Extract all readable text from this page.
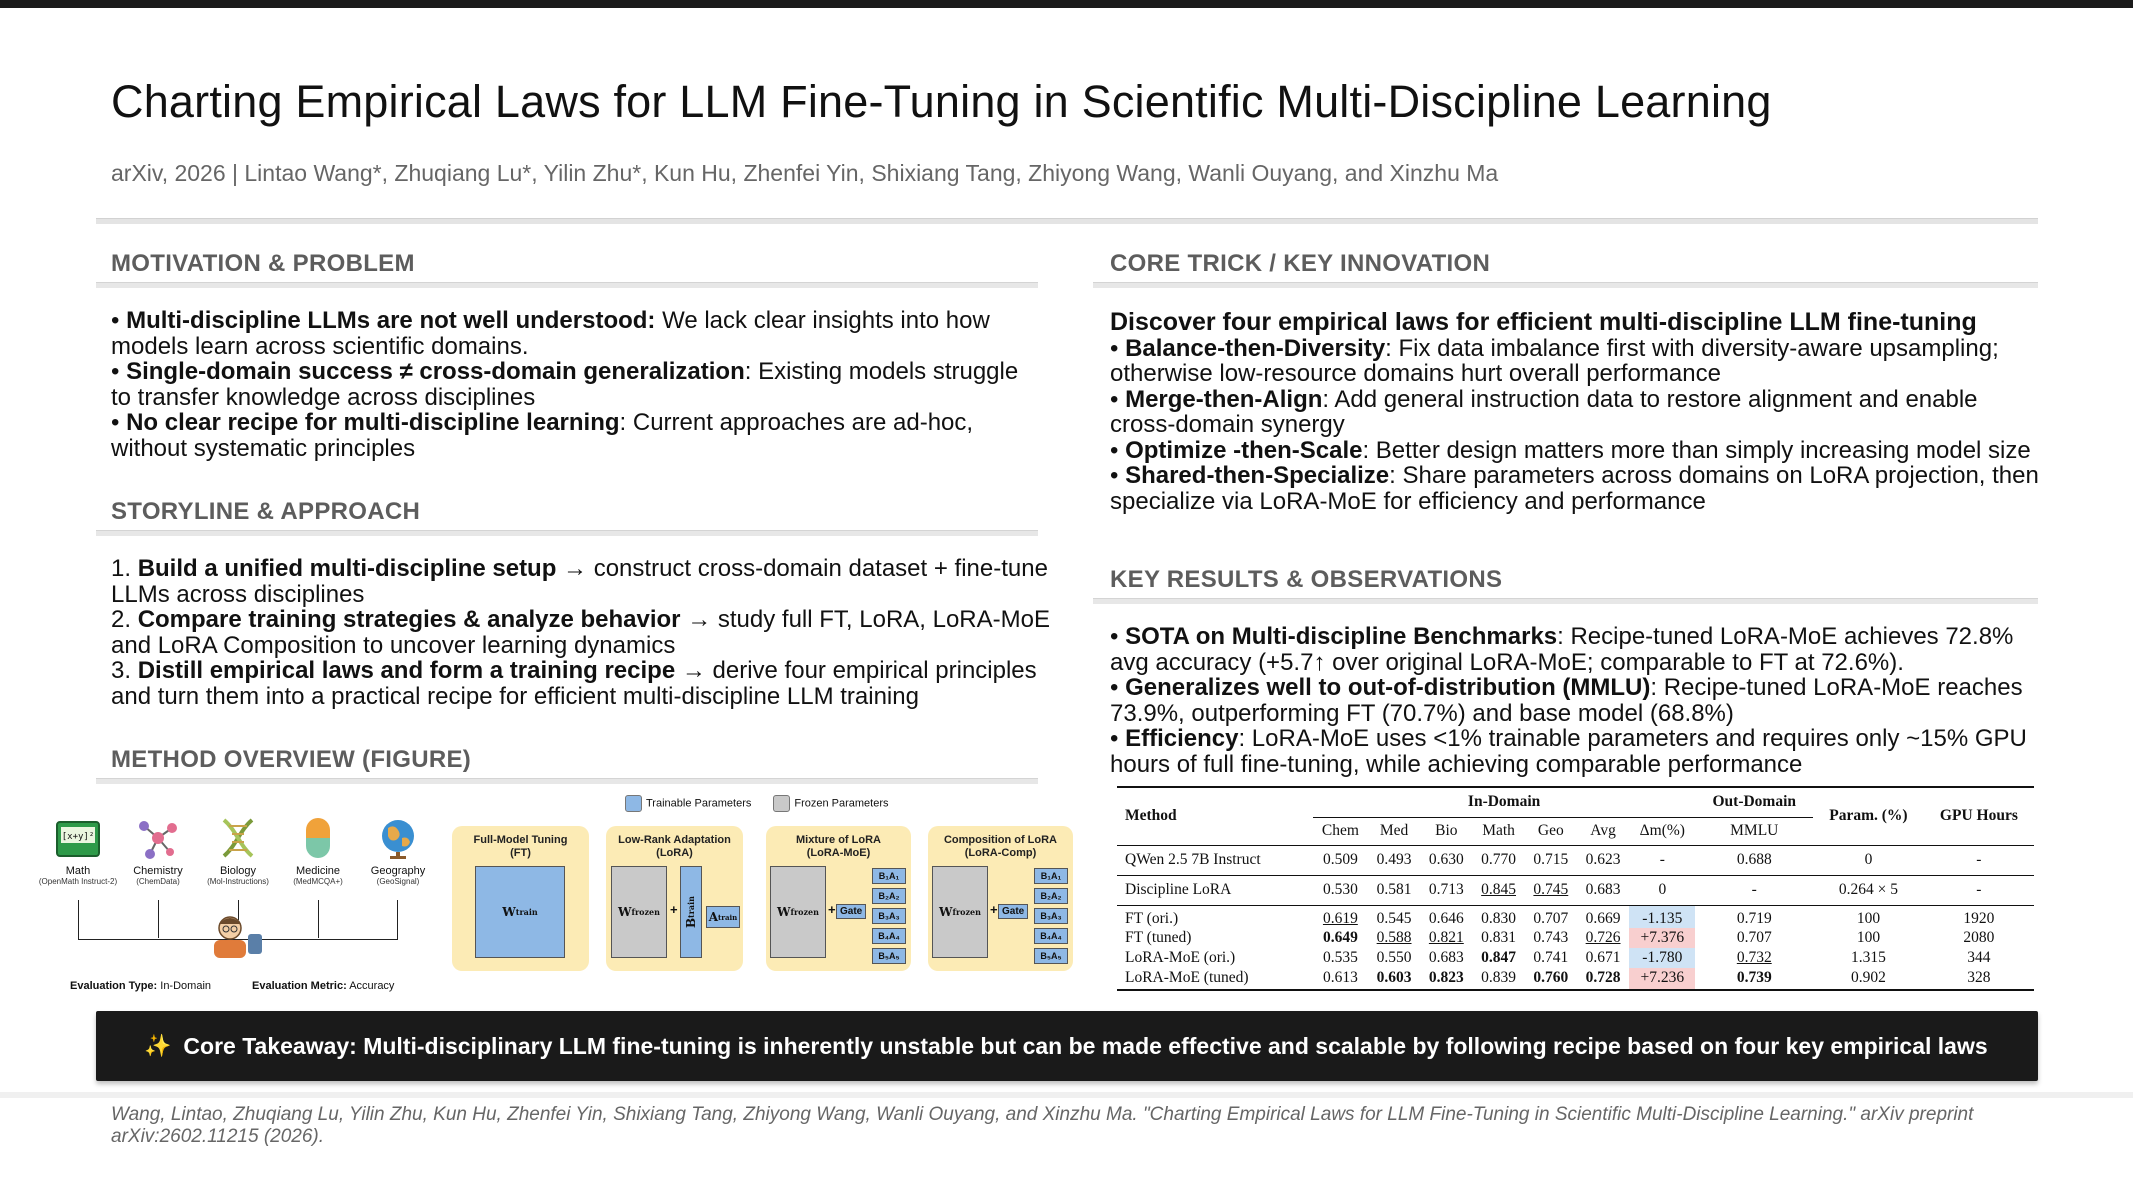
Charting Empirical Laws for LLM Fine-Tuning in Scientific Multi-Discipline Learning
arXiv, 2026 | Lintao Wang*, Zhuqiang Lu*, Yilin Zhu*, Kun Hu, Zhenfei Yin, Shixiang Tang, Zhiyong Wang, Wanli Ouyang, and Xinzhu Ma
MOTIVATION & PROBLEM

• Multi-discipline LLMs are not well understood: We lack clear insights into how models learn across scientific domains.

• Single-domain success ≠ cross-domain generalization: Existing models struggle to transfer knowledge across disciplines

• No clear recipe for multi-discipline learning: Current approaches are ad-hoc, without systematic principles

STORYLINE & APPROACH

1. Build a unified multi-discipline setup → construct cross-domain dataset + fine-tune LLMs across disciplines

2. Compare training strategies & analyze behavior → study full FT, LoRA, LoRA-MoE and LoRA Composition to uncover learning dynamics

3. Distill empirical laws and form a training recipe → derive four empirical principles and turn them into a practical recipe for efficient multi-discipline LLM training

METHOD OVERVIEW (FIGURE)
[x+y]²
Math
(OpenMath Instruct-2)
Chemistry
(ChemData)
Biology
(Mol-Instructions)
Medicine
(MedMCQA+)
Geography
(GeoSignal)
Evaluation Type: In-Domain	Evaluation Metric: Accuracy
Trainable Parameters	Frozen Parameters
Full-Model Tuning
(FT)
W train
Low-Rank Adaptation
(LoRA)
W frozen +
B
train A train
Mixture of LoRA
(LoRA-MoE)
W frozen + Gate
B₁A₁
B₂A₂
B₃A₃
B₄A₄
B₅A₅
Composition of LoRA
(LoRA-Comp)
W frozen + Gate
B₁A₁
B₂A₂
B₃A₃
B₄A₄
B₅A₅
CORE TRICK / KEY INNOVATION

Discover four empirical laws for efficient multi-discipline LLM fine-tuning

• Balance-then-Diversity: Fix data imbalance first with diversity-aware upsampling; otherwise low-resource domains hurt overall performance

• Merge-then-Align: Add general instruction data to restore alignment and enable cross-domain synergy

• Optimize -then-Scale: Better design matters more than simply increasing model size

• Shared-then-Specialize: Share parameters across domains on LoRA projection, then specialize via LoRA-MoE for efficiency and performance

KEY RESULTS & OBSERVATIONS

• SOTA on Multi-discipline Benchmarks: Recipe-tuned LoRA-MoE achieves 72.8% avg accuracy (+5.7↑ over original LoRA-MoE; comparable to FT at 72.6%).

• Generalizes well to out-of-distribution (MMLU): Recipe-tuned LoRA-MoE reaches 73.9%, outperforming FT (70.7%) and base model (68.8%)

• Efficiency: LoRA-MoE uses <1% trainable parameters and requires only ~15% GPU hours of full fine-tuning, while achieving comparable performance

Method	In-Domain							Out-Domain	Param. (%)	GPU Hours
	Chem	Med	Bio	Math	Geo	Avg	Δm(%)	MMLU		
QWen 2.5 7B Instruct	0.509	0.493	0.630	0.770	0.715	0.623	-	0.688	0	-
Discipline LoRA	0.530	0.581	0.713	0.845	0.745	0.683	0	-	0.264 × 5	-
FT (ori.)	0.619	0.545	0.646	0.830	0.707	0.669	-1.135	0.719	100	1920
FT (tuned)	0.649	0.588	0.821	0.831	0.743	0.726	+7.376	0.707	100	2080
LoRA-MoE (ori.)	0.535	0.550	0.683	0.847	0.741	0.671	-1.780	0.732	1.315	344
LoRA-MoE (tuned)	0.613	0.603	0.823	0.839	0.760	0.728	+7.236	0.739	0.902	328
✨ Core Takeaway: Multi-disciplinary LLM fine-tuning is inherently unstable but can be made effective and scalable by following recipe based on four key empirical laws
Wang, Lintao, Zhuqiang Lu, Yilin Zhu, Kun Hu, Zhenfei Yin, Shixiang Tang, Zhiyong Wang, Wanli Ouyang, and Xinzhu Ma. "Charting Empirical Laws for LLM Fine-Tuning in Scientific Multi-Discipline Learning." arXiv preprint arXiv:2602.11215 (2026).
